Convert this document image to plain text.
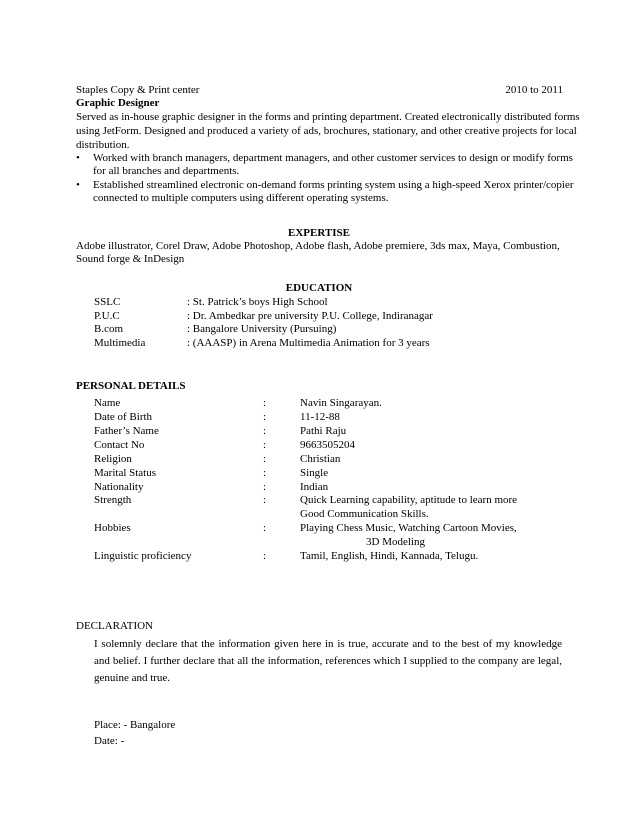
Staples Copy & Print center	2010 to 2011
Graphic Designer
Served as in-house graphic designer in the forms and printing department. Created electronically distributed forms
using JetForm. Designed and produced a variety of ads, brochures, stationary, and other creative projects for local
distribution.
• Worked with branch managers, department managers, and other customer services to design or modify forms
for all branches and departments.
• Established streamlined electronic on-demand forms printing system using a high-speed Xerox printer/copier
connected to multiple computers using different operating systems.
EXPERTISE
Adobe illustrator, Corel Draw, Adobe Photoshop, Adobe flash, Adobe premiere, 3ds max, Maya, Combustion,
Sound forge & InDesign
EDUCATION
SSLC	: St. Patrick’s boys High School
P.U.C	: Dr. Ambedkar pre university P.U. College, Indiranagar
B.com	: Bangalore University (Pursuing)
Multimedia	: (AAASP) in Arena Multimedia Animation for 3 years
PERSONAL DETAILS
Name	:	Navin Singarayan.
Date of Birth	:	11-12-88
Father’s Name	:	Pathi Raju
Contact No	:	9663505204
Religion	:	Christian
Marital Status	:	Single
Nationality	:	Indian
Strength	:	Quick Learning capability, aptitude to learn more
Good Communication Skills.
Hobbies	:	Playing Chess Music, Watching Cartoon Movies,
3D Modeling
Linguistic proficiency	:	Tamil, English, Hindi, Kannada, Telugu.
DECLARATION
I solemnly declare that the information given here in is true, accurate and to the best of my knowledge and belief. I further declare that all the information, references which I supplied to the company are legal, genuine and true.
Place: - Bangalore
Date: -
